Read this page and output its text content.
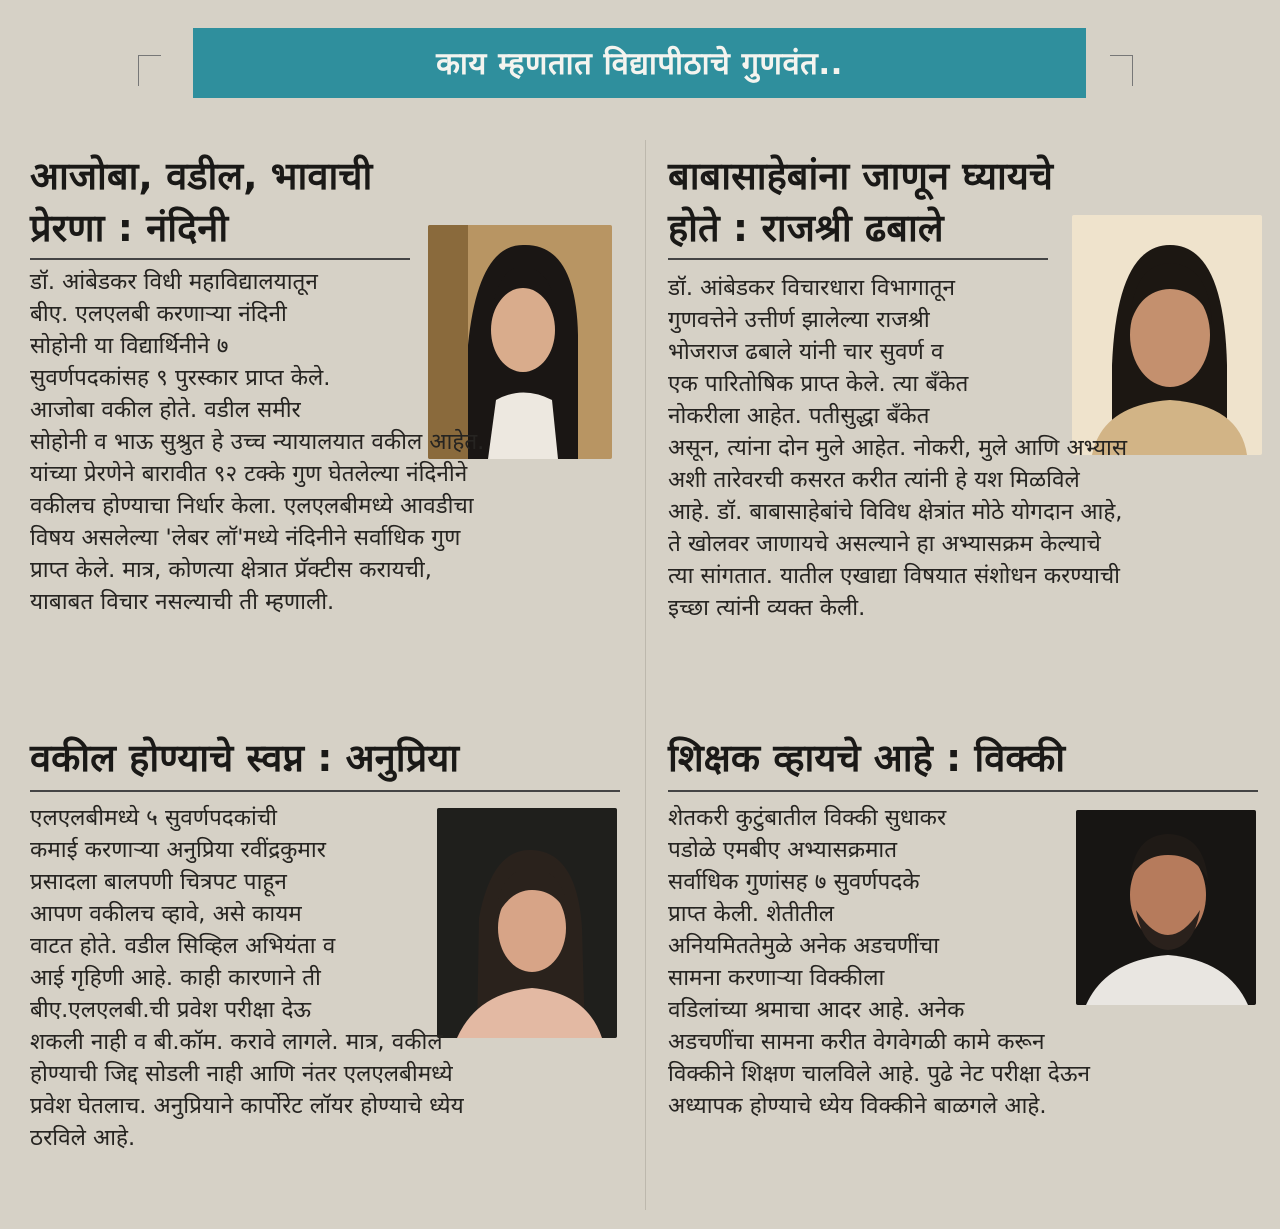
काय म्हणतात विद्यापीठाचे गुणवंत..
आजोबा, वडील, भावाची
प्रेरणा : नंदिनी
डॉ. आंबेडकर विधी महाविद्यालयातून
बीए. एलएलबी करणाऱ्या नंदिनी
सोहोनी या विद्यार्थिनीने ७
सुवर्णपदकांसह ९ पुरस्कार प्राप्त केले.
आजोबा वकील होते. वडील समीर
सोहोनी व भाऊ सुश्रुत हे उच्च न्यायालयात वकील आहेत.
यांच्या प्रेरणेने बारावीत ९२ टक्के गुण घेतलेल्या नंदिनीने
वकीलच होण्याचा निर्धार केला. एलएलबीमध्ये आवडीचा
विषय असलेल्या 'लेबर लॉ'मध्ये नंदिनीने सर्वाधिक गुण
प्राप्त केले. मात्र, कोणत्या क्षेत्रात प्रॅक्टीस करायची,
याबाबत विचार नसल्याची ती म्हणाली.
बाबासाहेबांना जाणून घ्यायचे
होते : राजश्री ढबाले
डॉ. आंबेडकर विचारधारा विभागातून
गुणवत्तेने उत्तीर्ण झालेल्या राजश्री
भोजराज ढबाले यांनी चार सुवर्ण व
एक पारितोषिक प्राप्त केले. त्या बँकेत
नोकरीला आहेत. पतीसुद्धा बँकेत
असून, त्यांना दोन मुले आहेत. नोकरी, मुले आणि अभ्यास
अशी तारेवरची कसरत करीत त्यांनी हे यश मिळविले
आहे. डॉ. बाबासाहेबांचे विविध क्षेत्रांत मोठे योगदान आहे,
ते खोलवर जाणायचे असल्याने हा अभ्यासक्रम केल्याचे
त्या सांगतात. यातील एखाद्या विषयात संशोधन करण्याची
इच्छा त्यांनी व्यक्त केली.
वकील होण्याचे स्वप्न : अनुप्रिया
एलएलबीमध्ये ५ सुवर्णपदकांची
कमाई करणाऱ्या अनुप्रिया रवींद्रकुमार
प्रसादला बालपणी चित्रपट पाहून
आपण वकीलच व्हावे, असे कायम
वाटत होते. वडील सिव्हिल अभियंता व
आई गृहिणी आहे. काही कारणाने ती
बीए.एलएलबी.ची प्रवेश परीक्षा देऊ
शकली नाही व बी.कॉम. करावे लागले. मात्र, वकील
होण्याची जिद्द सोडली नाही आणि नंतर एलएलबीमध्ये
प्रवेश घेतलाच. अनुप्रियाने कार्पोरेट लॉयर होण्याचे ध्येय
ठरविले आहे.
शिक्षक व्हायचे आहे : विक्की
शेतकरी कुटुंबातील विक्की सुधाकर
पडोळे एमबीए अभ्यासक्रमात
सर्वाधिक गुणांसह ७ सुवर्णपदके
प्राप्त केली. शेतीतील
अनियमिततेमुळे अनेक अडचणींचा
सामना करणाऱ्या विक्कीला
वडिलांच्या श्रमाचा आदर आहे. अनेक
अडचणींचा सामना करीत वेगवेगळी कामे करून
विक्कीने शिक्षण चालविले आहे. पुढे नेट परीक्षा देऊन
अध्यापक होण्याचे ध्येय विक्कीने बाळगले आहे.
